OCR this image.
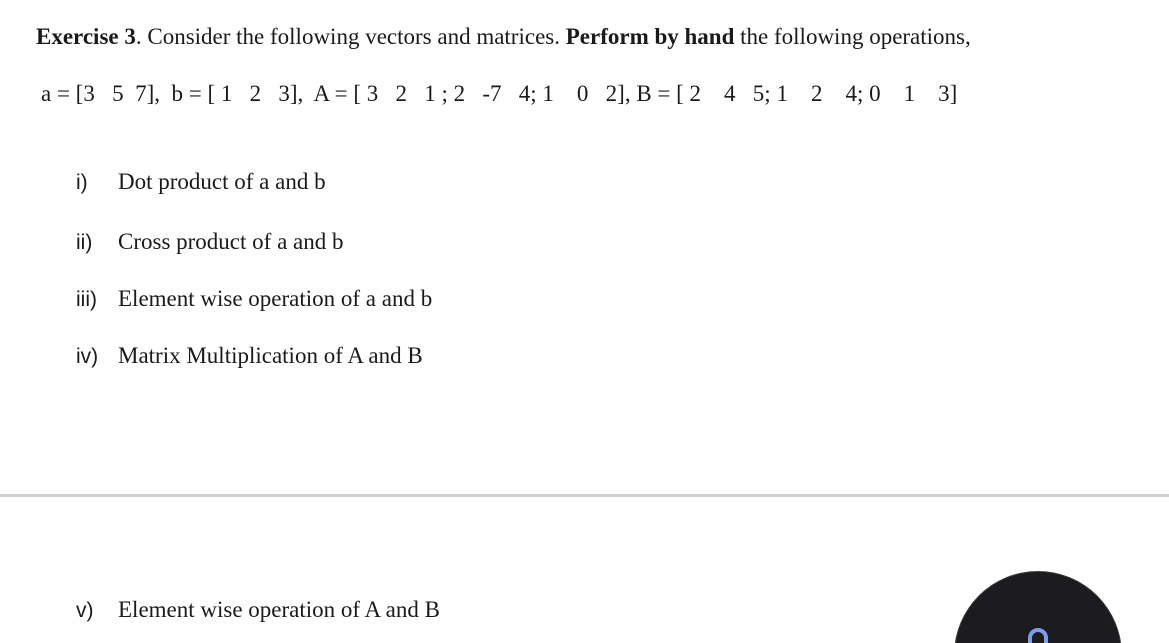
Exercise 3. Consider the following vectors and matrices. Perform by hand the following operations,
a = [3   5  7],  b = [ 1   2   3],  A = [ 3   2   1 ; 2   -7   4; 1    0   2], B = [ 2    4   5; 1    2    4; 0    1    3]
i) Dot product of a and b
ii) Cross product of a and b
iii) Element wise operation of a and b
iv) Matrix Multiplication of A and B
v) Element wise operation of A and B
